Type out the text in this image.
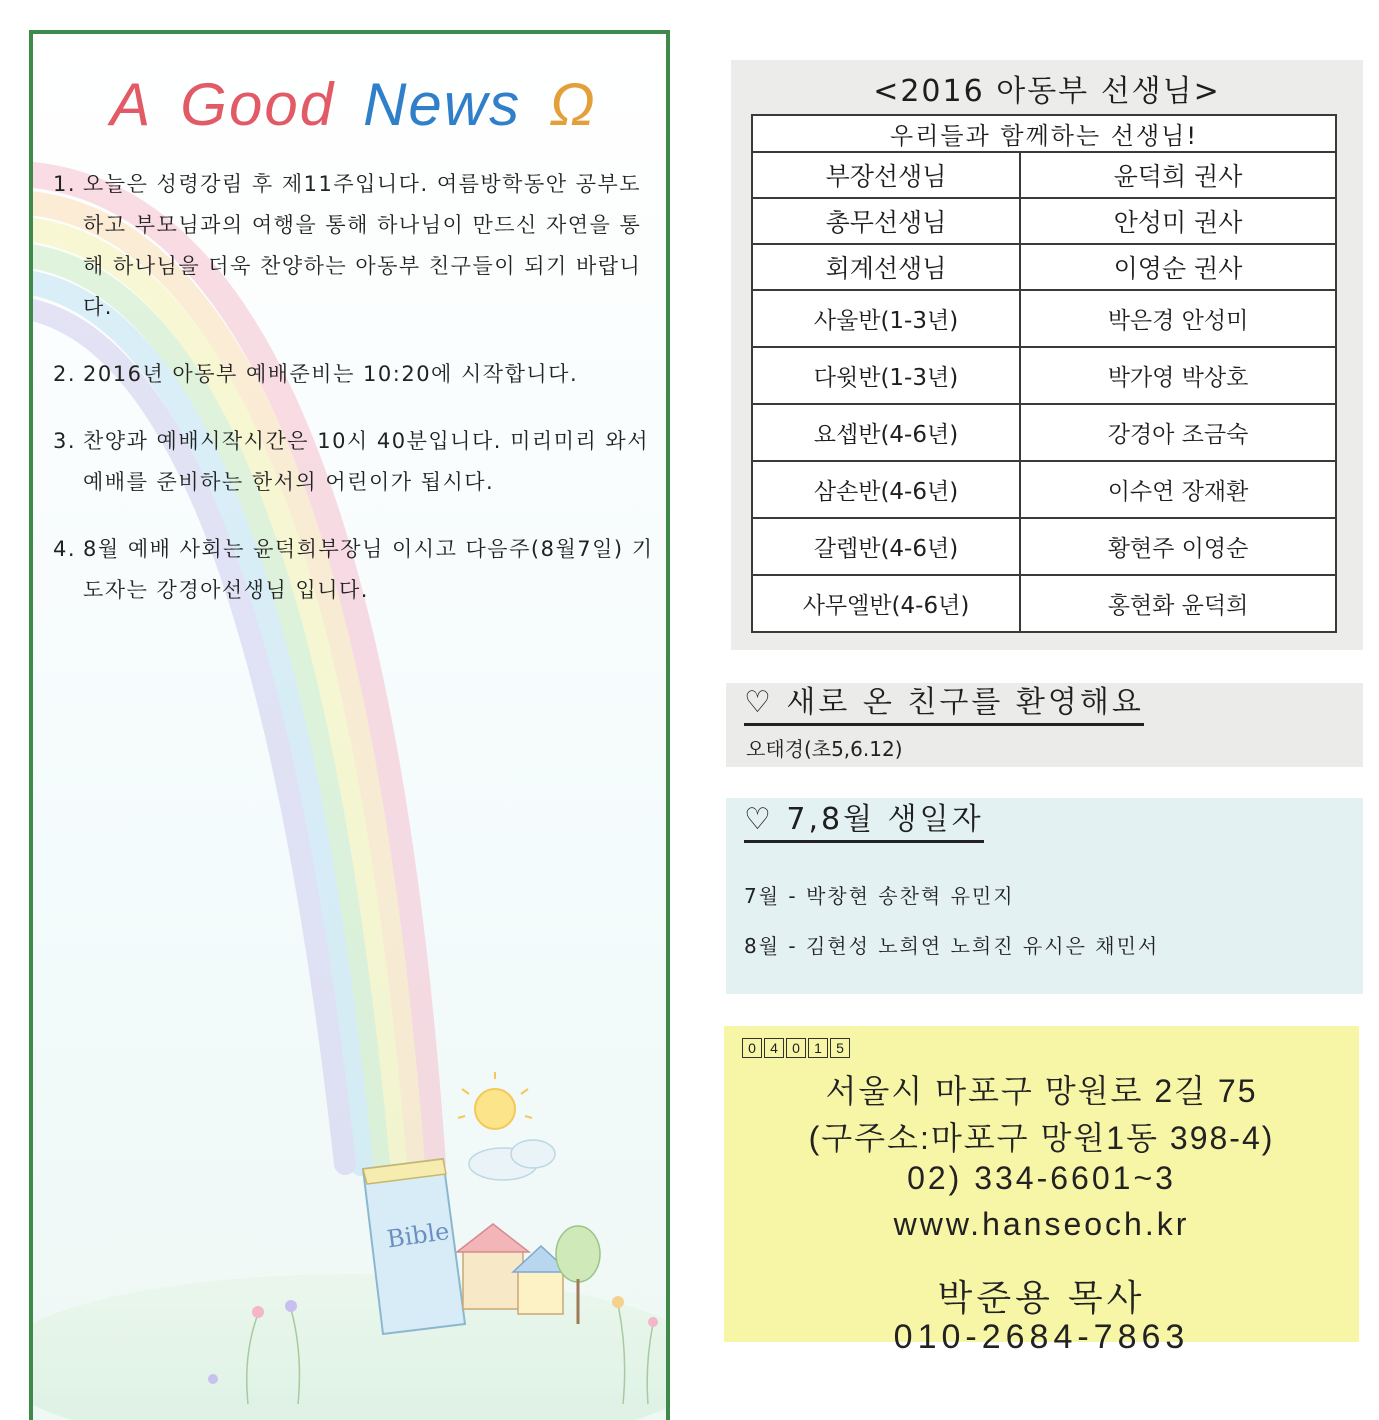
Bible
A Good News Ω
1. 오늘은 성령강림 후 제11주입니다. 여름방학동안 공부도 하고 부모님과의 여행을 통해 하나님이 만드신 자연을 통해 하나님을 더욱 찬양하는 아동부 친구들이 되기 바랍니다.
2. 2016년 아동부 예배준비는 10:20에 시작합니다.
3. 찬양과 예배시작시간은 10시 40분입니다. 미리미리 와서 예배를 준비하는 한서의 어린이가 됩시다.
4. 8월 예배 사회는 윤덕희부장님 이시고 다음주(8월7일) 기도자는 강경아선생님 입니다.
<2016 아동부 선생님>
우리들과 함께하는 선생님!	
부장선생님	윤덕희 권사
총무선생님	안성미 권사
회계선생님	이영순 권사
사울반(1-3년)	박은경 안성미
다윗반(1-3년)	박가영 박상호
요셉반(4-6년)	강경아 조금숙
삼손반(4-6년)	이수연 장재환
갈렙반(4-6년)	황현주 이영순
사무엘반(4-6년)	홍현화 윤덕희
♡ 새로 온 친구를 환영해요
오태경(초5,6.12)
♡ 7,8월 생일자
7월 - 박창현 송찬혁 유민지
8월 - 김현성 노희연 노희진 유시은 채민서
0	4	0	1	5
서울시 마포구 망원로 2길 75
(구주소:마포구 망원1동 398-4)
02) 334-6601~3
www.hanseoch.kr
박준용 목사
010-2684-7863
